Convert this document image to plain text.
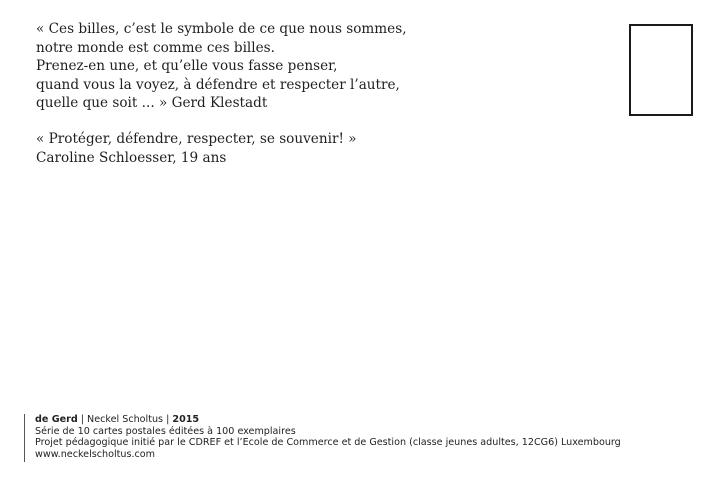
« Ces billes, c’est le symbole de ce que nous sommes,
notre monde est comme ces billes.
Prenez-en une, et qu’elle vous fasse penser,
quand vous la voyez, à défendre et respecter l’autre,
quelle que soit ... » Gerd Klestadt
« Protéger, défendre, respecter, se souvenir! »
Caroline Schloesser, 19 ans
de Gerd | Neckel Scholtus | 2015
Série de 10 cartes postales éditées à 100 exemplaires
Projet pédagogique initié par le CDREF et l’Ecole de Commerce et de Gestion (classe jeunes adultes, 12CG6) Luxembourg
www.neckelscholtus.com
